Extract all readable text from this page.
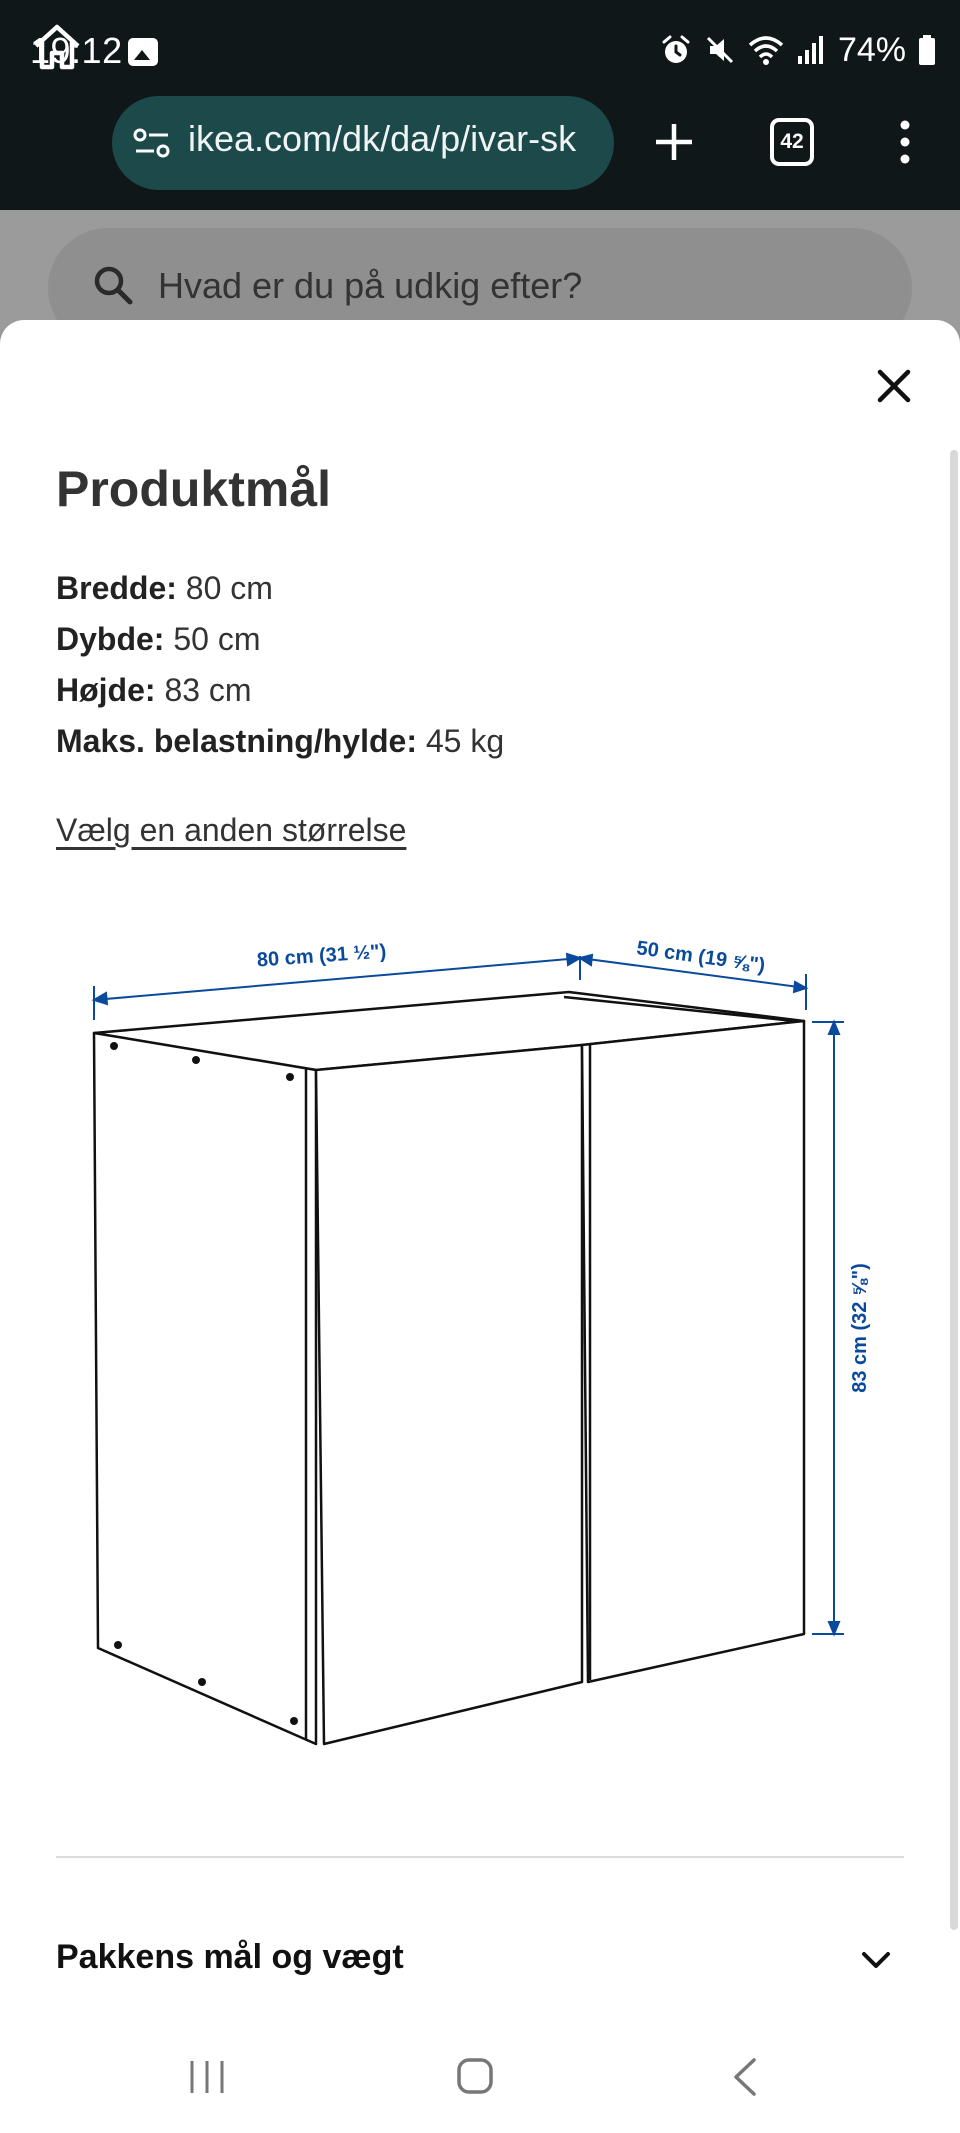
19:12	74%
ikea.com/dk/da/p/ivar-sk	42
Hvad er du på udkig efter?
Produktmål
Bredde: 80 cm
Dybde: 50 cm
Højde: 83 cm
Maks. belastning/hylde: 45 kg
Vælg en anden størrelse
80 cm (31 ½")	50 cm (19 ⅝")
83 cm (32 ⅝")
Pakkens mål og vægt
